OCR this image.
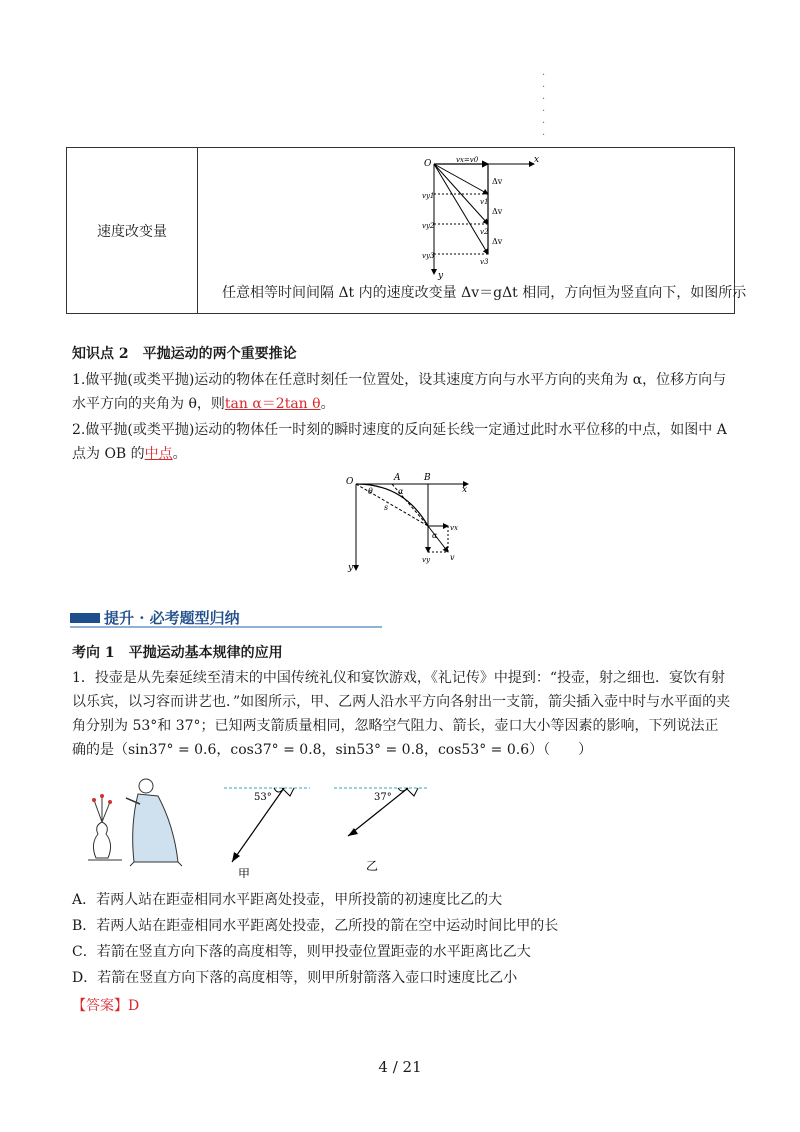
·
·
·
·
·
·
速度改变量	
O	x
y
vx=v0
vy1
vy2
vy3
v1
v2
v3
Δv
Δv
Δv
任意相等时间间隔 Δt 内的速度改变量 Δv＝gΔt 相同，方向恒为竖直向下，如图所示
知识点 2　平抛运动的两个重要推论
1.做平抛(或类平抛)运动的物体在任意时刻任一位置处，设其速度方向与水平方向的夹角为 α，位移方向与水平方向的夹角为 θ，则tan α＝2tan θ。
2.做平抛(或类平抛)运动的物体任一时刻的瞬时速度的反向延长线一定通过此时水平位移的中点，如图中 A 点为 OB 的中点。
O
x
y
A	B
θ	α
s
vx
α
vy	v
提升 · 必考题型归纳
考向 1　平抛运动基本规律的应用
1．投壶是从先秦延续至清末的中国传统礼仪和宴饮游戏，《礼记传》中提到：“投壶，射之细也．宴饮有射以乐宾，以习容而讲艺也．”如图所示，甲、乙两人沿水平方向各射出一支箭，箭尖插入壶中时与水平面的夹角分别为 53°和 37°；已知两支箭质量相同，忽略空气阻力、箭长，壶口大小等因素的影响，下列说法正确的是（sin37° = 0.6，cos37° = 0.8，sin53° = 0.8，cos53° = 0.6）（　　）
53°
甲
37°
乙
A．若两人站在距壶相同水平距离处投壶，甲所投箭的初速度比乙的大
B．若两人站在距壶相同水平距离处投壶，乙所投的箭在空中运动时间比甲的长
C．若箭在竖直方向下落的高度相等，则甲投壶位置距壶的水平距离比乙大
D．若箭在竖直方向下落的高度相等，则甲所射箭落入壶口时速度比乙小
【答案】D
4 / 21
